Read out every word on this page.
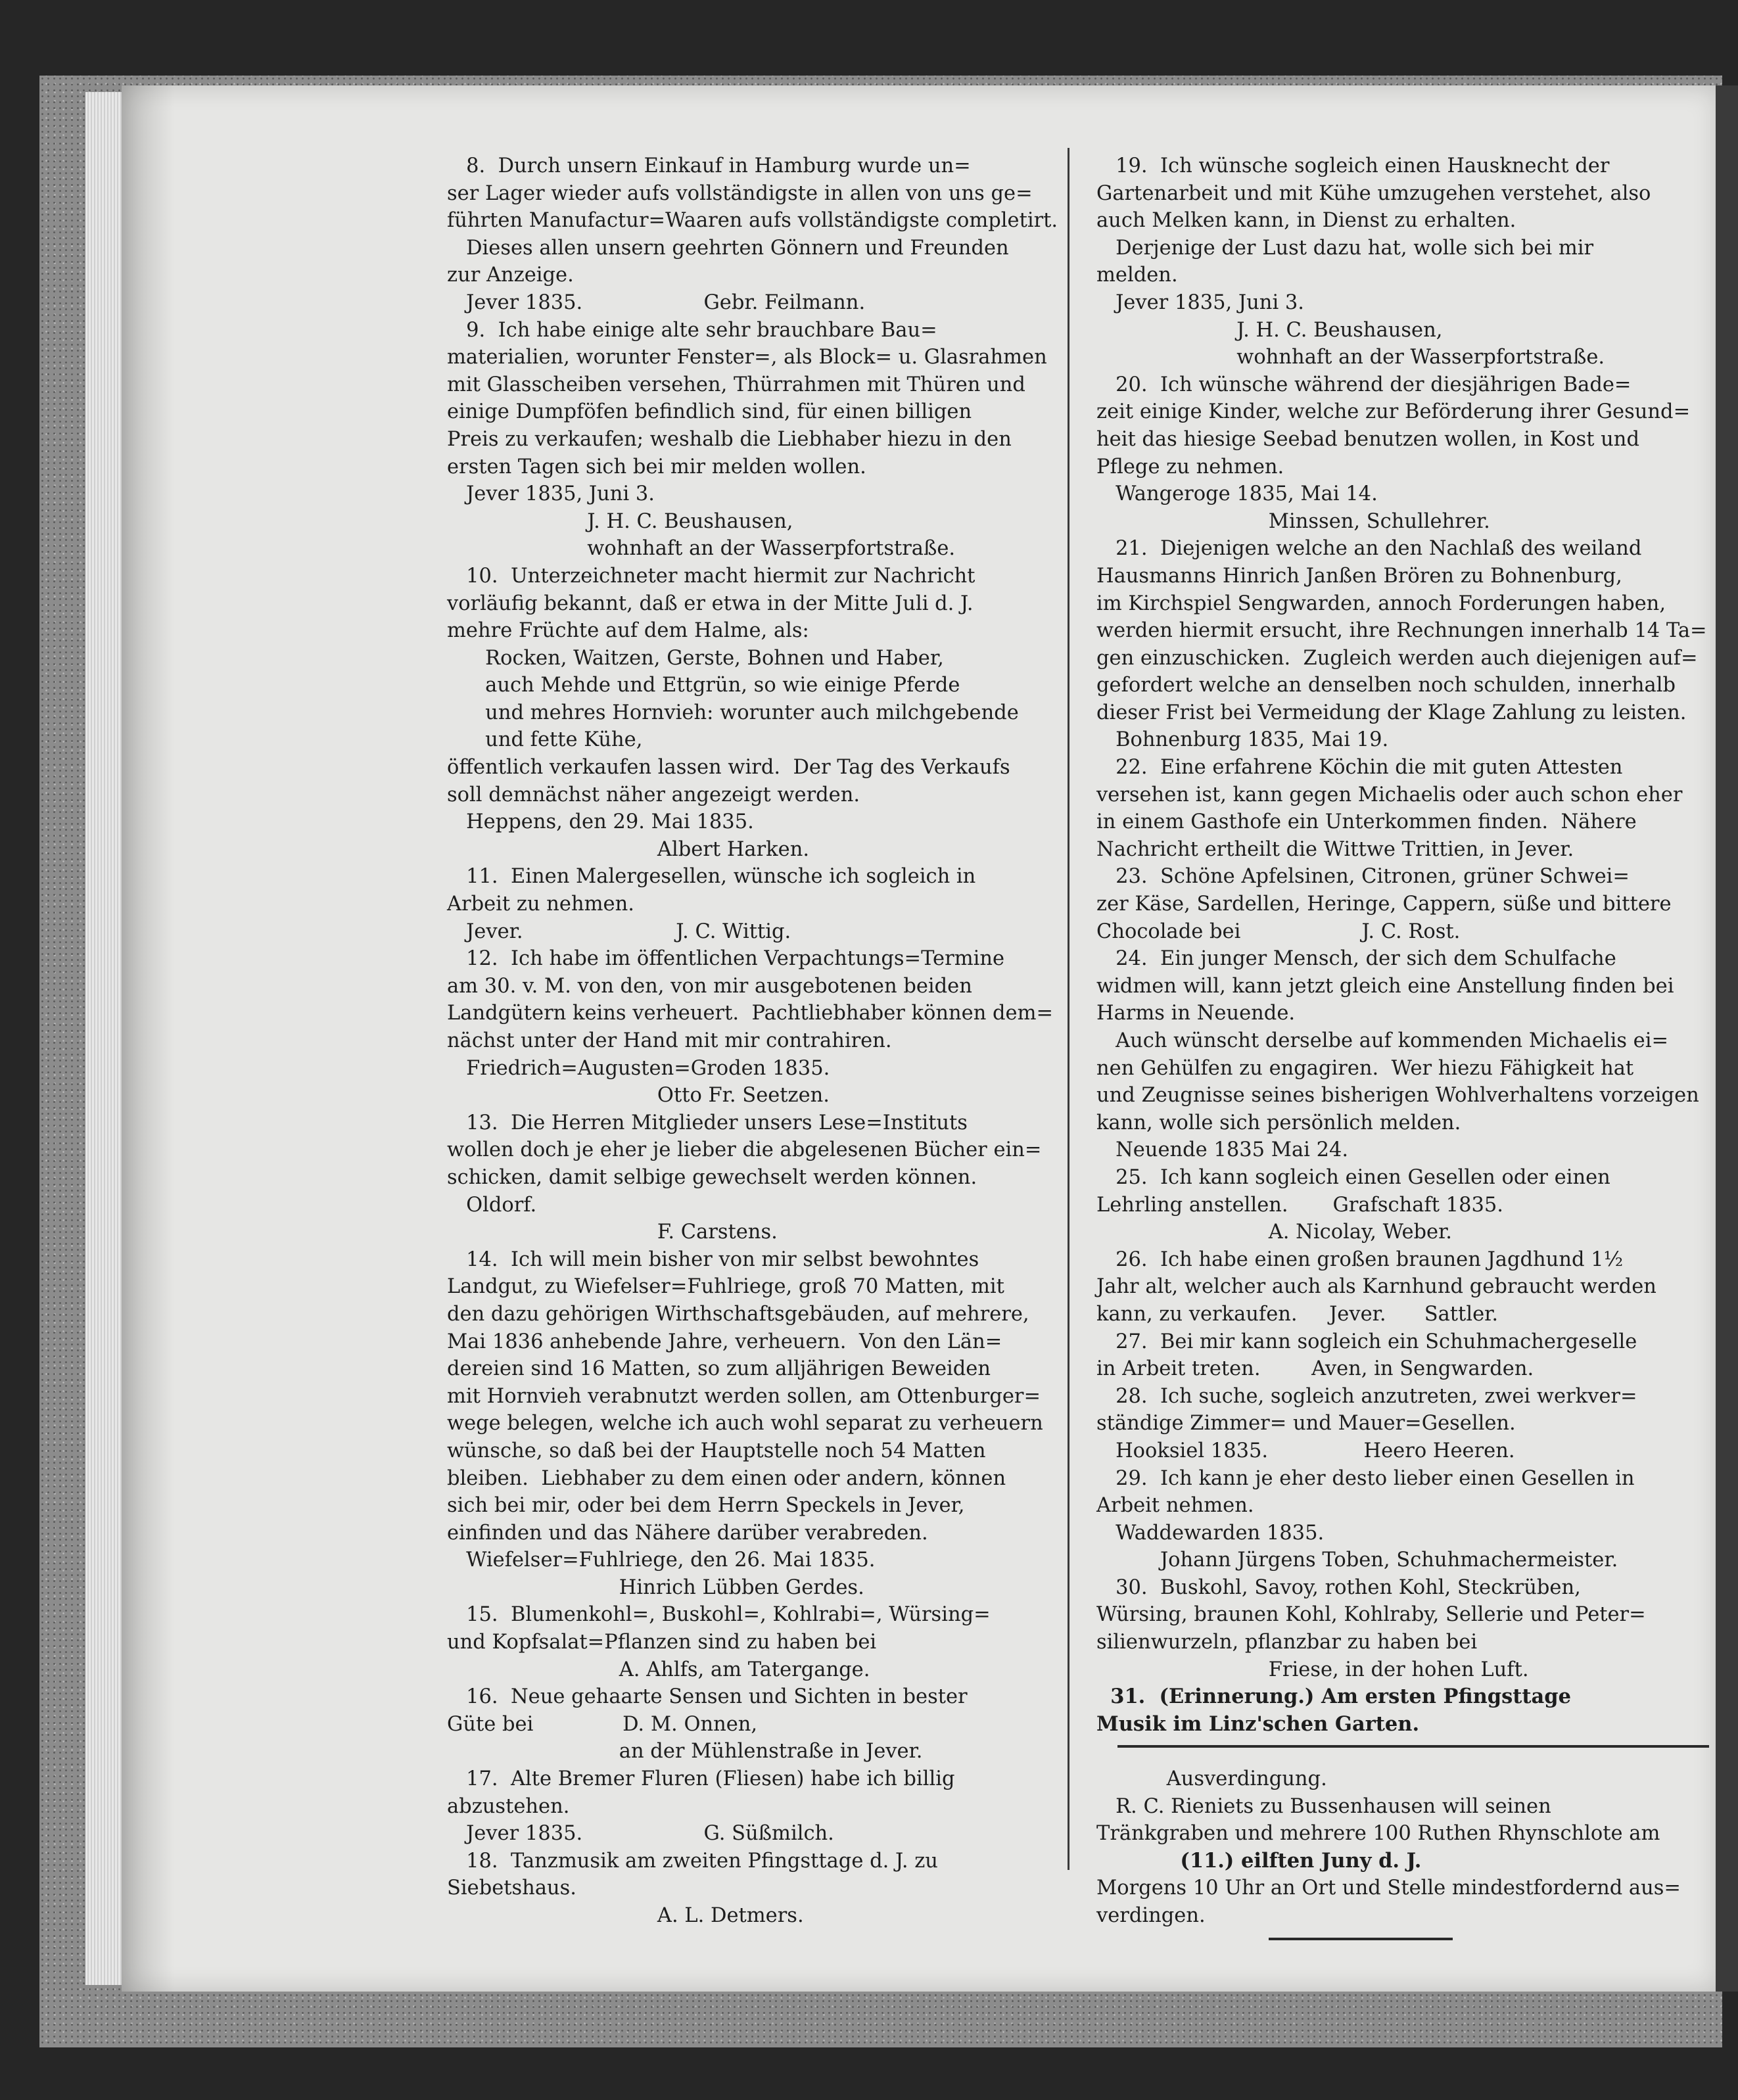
8.  Durch unsern Einkauf in Hamburg wurde un=
ser Lager wieder aufs vollständigste in allen von uns ge=
führten Manufactur=Waaren aufs vollständigste completirt.
Dieses allen unsern geehrten Gönnern und Freunden
zur Anzeige.
Jever 1835.                   Gebr. Feilmann.
9.  Ich habe einige alte sehr brauchbare Bau=
materialien, worunter Fenster=, als Block= u. Glasrahmen
mit Glasscheiben versehen, Thürrahmen mit Thüren und
einige Dumpföfen befindlich sind, für einen billigen
Preis zu verkaufen; weshalb die Liebhaber hiezu in den
ersten Tagen sich bei mir melden wollen.
Jever 1835, Juni 3.
J. H. C. Beushausen,
wohnhaft an der Wasserpfortstraße.
10.  Unterzeichneter macht hiermit zur Nachricht
vorläufig bekannt, daß er etwa in der Mitte Juli d. J.
mehre Früchte auf dem Halme, als:
Rocken, Waitzen, Gerste, Bohnen und Haber,
auch Mehde und Ettgrün, so wie einige Pferde
und mehres Hornvieh: worunter auch milchgebende
und fette Kühe,
öffentlich verkaufen lassen wird.  Der Tag des Verkaufs
soll demnächst näher angezeigt werden.
Heppens, den 29. Mai 1835.
Albert Harken.
11.  Einen Malergesellen, wünsche ich sogleich in
Arbeit zu nehmen.
Jever.                        J. C. Wittig.
12.  Ich habe im öffentlichen Verpachtungs=Termine
am 30. v. M. von den, von mir ausgebotenen beiden
Landgütern keins verheuert.  Pachtliebhaber können dem=
nächst unter der Hand mit mir contrahiren.
Friedrich=Augusten=Groden 1835.
Otto Fr. Seetzen.
13.  Die Herren Mitglieder unsers Lese=Instituts
wollen doch je eher je lieber die abgelesenen Bücher ein=
schicken, damit selbige gewechselt werden können.
Oldorf.
F. Carstens.
14.  Ich will mein bisher von mir selbst bewohntes
Landgut, zu Wiefelser=Fuhlriege, groß 70 Matten, mit
den dazu gehörigen Wirthschaftsgebäuden, auf mehrere,
Mai 1836 anhebende Jahre, verheuern.  Von den Län=
dereien sind 16 Matten, so zum alljährigen Beweiden
mit Hornvieh verabnutzt werden sollen, am Ottenburger=
wege belegen, welche ich auch wohl separat zu verheuern
wünsche, so daß bei der Hauptstelle noch 54 Matten
bleiben.  Liebhaber zu dem einen oder andern, können
sich bei mir, oder bei dem Herrn Speckels in Jever,
einfinden und das Nähere darüber verabreden.
Wiefelser=Fuhlriege, den 26. Mai 1835.
Hinrich Lübben Gerdes.
15.  Blumenkohl=, Buskohl=, Kohlrabi=, Würsing=
und Kopfsalat=Pflanzen sind zu haben bei
A. Ahlfs, am Tatergange.
16.  Neue gehaarte Sensen und Sichten in bester
Güte bei              D. M. Onnen,
an der Mühlenstraße in Jever.
17.  Alte Bremer Fluren (Fliesen) habe ich billig
abzustehen.
Jever 1835.                   G. Süßmilch.
18.  Tanzmusik am zweiten Pfingsttage d. J. zu
Siebetshaus.
A. L. Detmers.
19.  Ich wünsche sogleich einen Hausknecht der
Gartenarbeit und mit Kühe umzugehen verstehet, also
auch Melken kann, in Dienst zu erhalten.
Derjenige der Lust dazu hat, wolle sich bei mir
melden.
Jever 1835, Juni 3.
J. H. C. Beushausen,
wohnhaft an der Wasserpfortstraße.
20.  Ich wünsche während der diesjährigen Bade=
zeit einige Kinder, welche zur Beförderung ihrer Gesund=
heit das hiesige Seebad benutzen wollen, in Kost und
Pflege zu nehmen.
Wangeroge 1835, Mai 14.
Minssen, Schullehrer.
21.  Diejenigen welche an den Nachlaß des weiland
Hausmanns Hinrich Janßen Brören zu Bohnenburg,
im Kirchspiel Sengwarden, annoch Forderungen haben,
werden hiermit ersucht, ihre Rechnungen innerhalb 14 Ta=
gen einzuschicken.  Zugleich werden auch diejenigen auf=
gefordert welche an denselben noch schulden, innerhalb
dieser Frist bei Vermeidung der Klage Zahlung zu leisten.
Bohnenburg 1835, Mai 19.
22.  Eine erfahrene Köchin die mit guten Attesten
versehen ist, kann gegen Michaelis oder auch schon eher
in einem Gasthofe ein Unterkommen finden.  Nähere
Nachricht ertheilt die Wittwe Trittien, in Jever.
23.  Schöne Apfelsinen, Citronen, grüner Schwei=
zer Käse, Sardellen, Heringe, Cappern, süße und bittere
Chocolade bei                   J. C. Rost.
24.  Ein junger Mensch, der sich dem Schulfache
widmen will, kann jetzt gleich eine Anstellung finden bei
Harms in Neuende.
Auch wünscht derselbe auf kommenden Michaelis ei=
nen Gehülfen zu engagiren.  Wer hiezu Fähigkeit hat
und Zeugnisse seines bisherigen Wohlverhaltens vorzeigen
kann, wolle sich persönlich melden.
Neuende 1835 Mai 24.
25.  Ich kann sogleich einen Gesellen oder einen
Lehrling anstellen.       Grafschaft 1835.
A. Nicolay, Weber.
26.  Ich habe einen großen braunen Jagdhund 1½
Jahr alt, welcher auch als Karnhund gebraucht werden
kann, zu verkaufen.     Jever.      Sattler.
27.  Bei mir kann sogleich ein Schuhmachergeselle
in Arbeit treten.        Aven, in Sengwarden.
28.  Ich suche, sogleich anzutreten, zwei werkver=
ständige Zimmer= und Mauer=Gesellen.
Hooksiel 1835.               Heero Heeren.
29.  Ich kann je eher desto lieber einen Gesellen in
Arbeit nehmen.
Waddewarden 1835.
Johann Jürgens Toben, Schuhmachermeister.
30.  Buskohl, Savoy, rothen Kohl, Steckrüben,
Würsing, braunen Kohl, Kohlraby, Sellerie und Peter=
silienwurzeln, pflanzbar zu haben bei
Friese, in der hohen Luft.
31.  (Erinnerung.) Am ersten Pfingsttage
Musik im Linz'schen Garten.
Ausverdingung.
R. C. Rieniets zu Bussenhausen will seinen
Tränkgraben und mehrere 100 Ruthen Rhynschlote am
(11.) eilften Juny d. J.
Morgens 10 Uhr an Ort und Stelle mindestfordernd aus=
verdingen.
